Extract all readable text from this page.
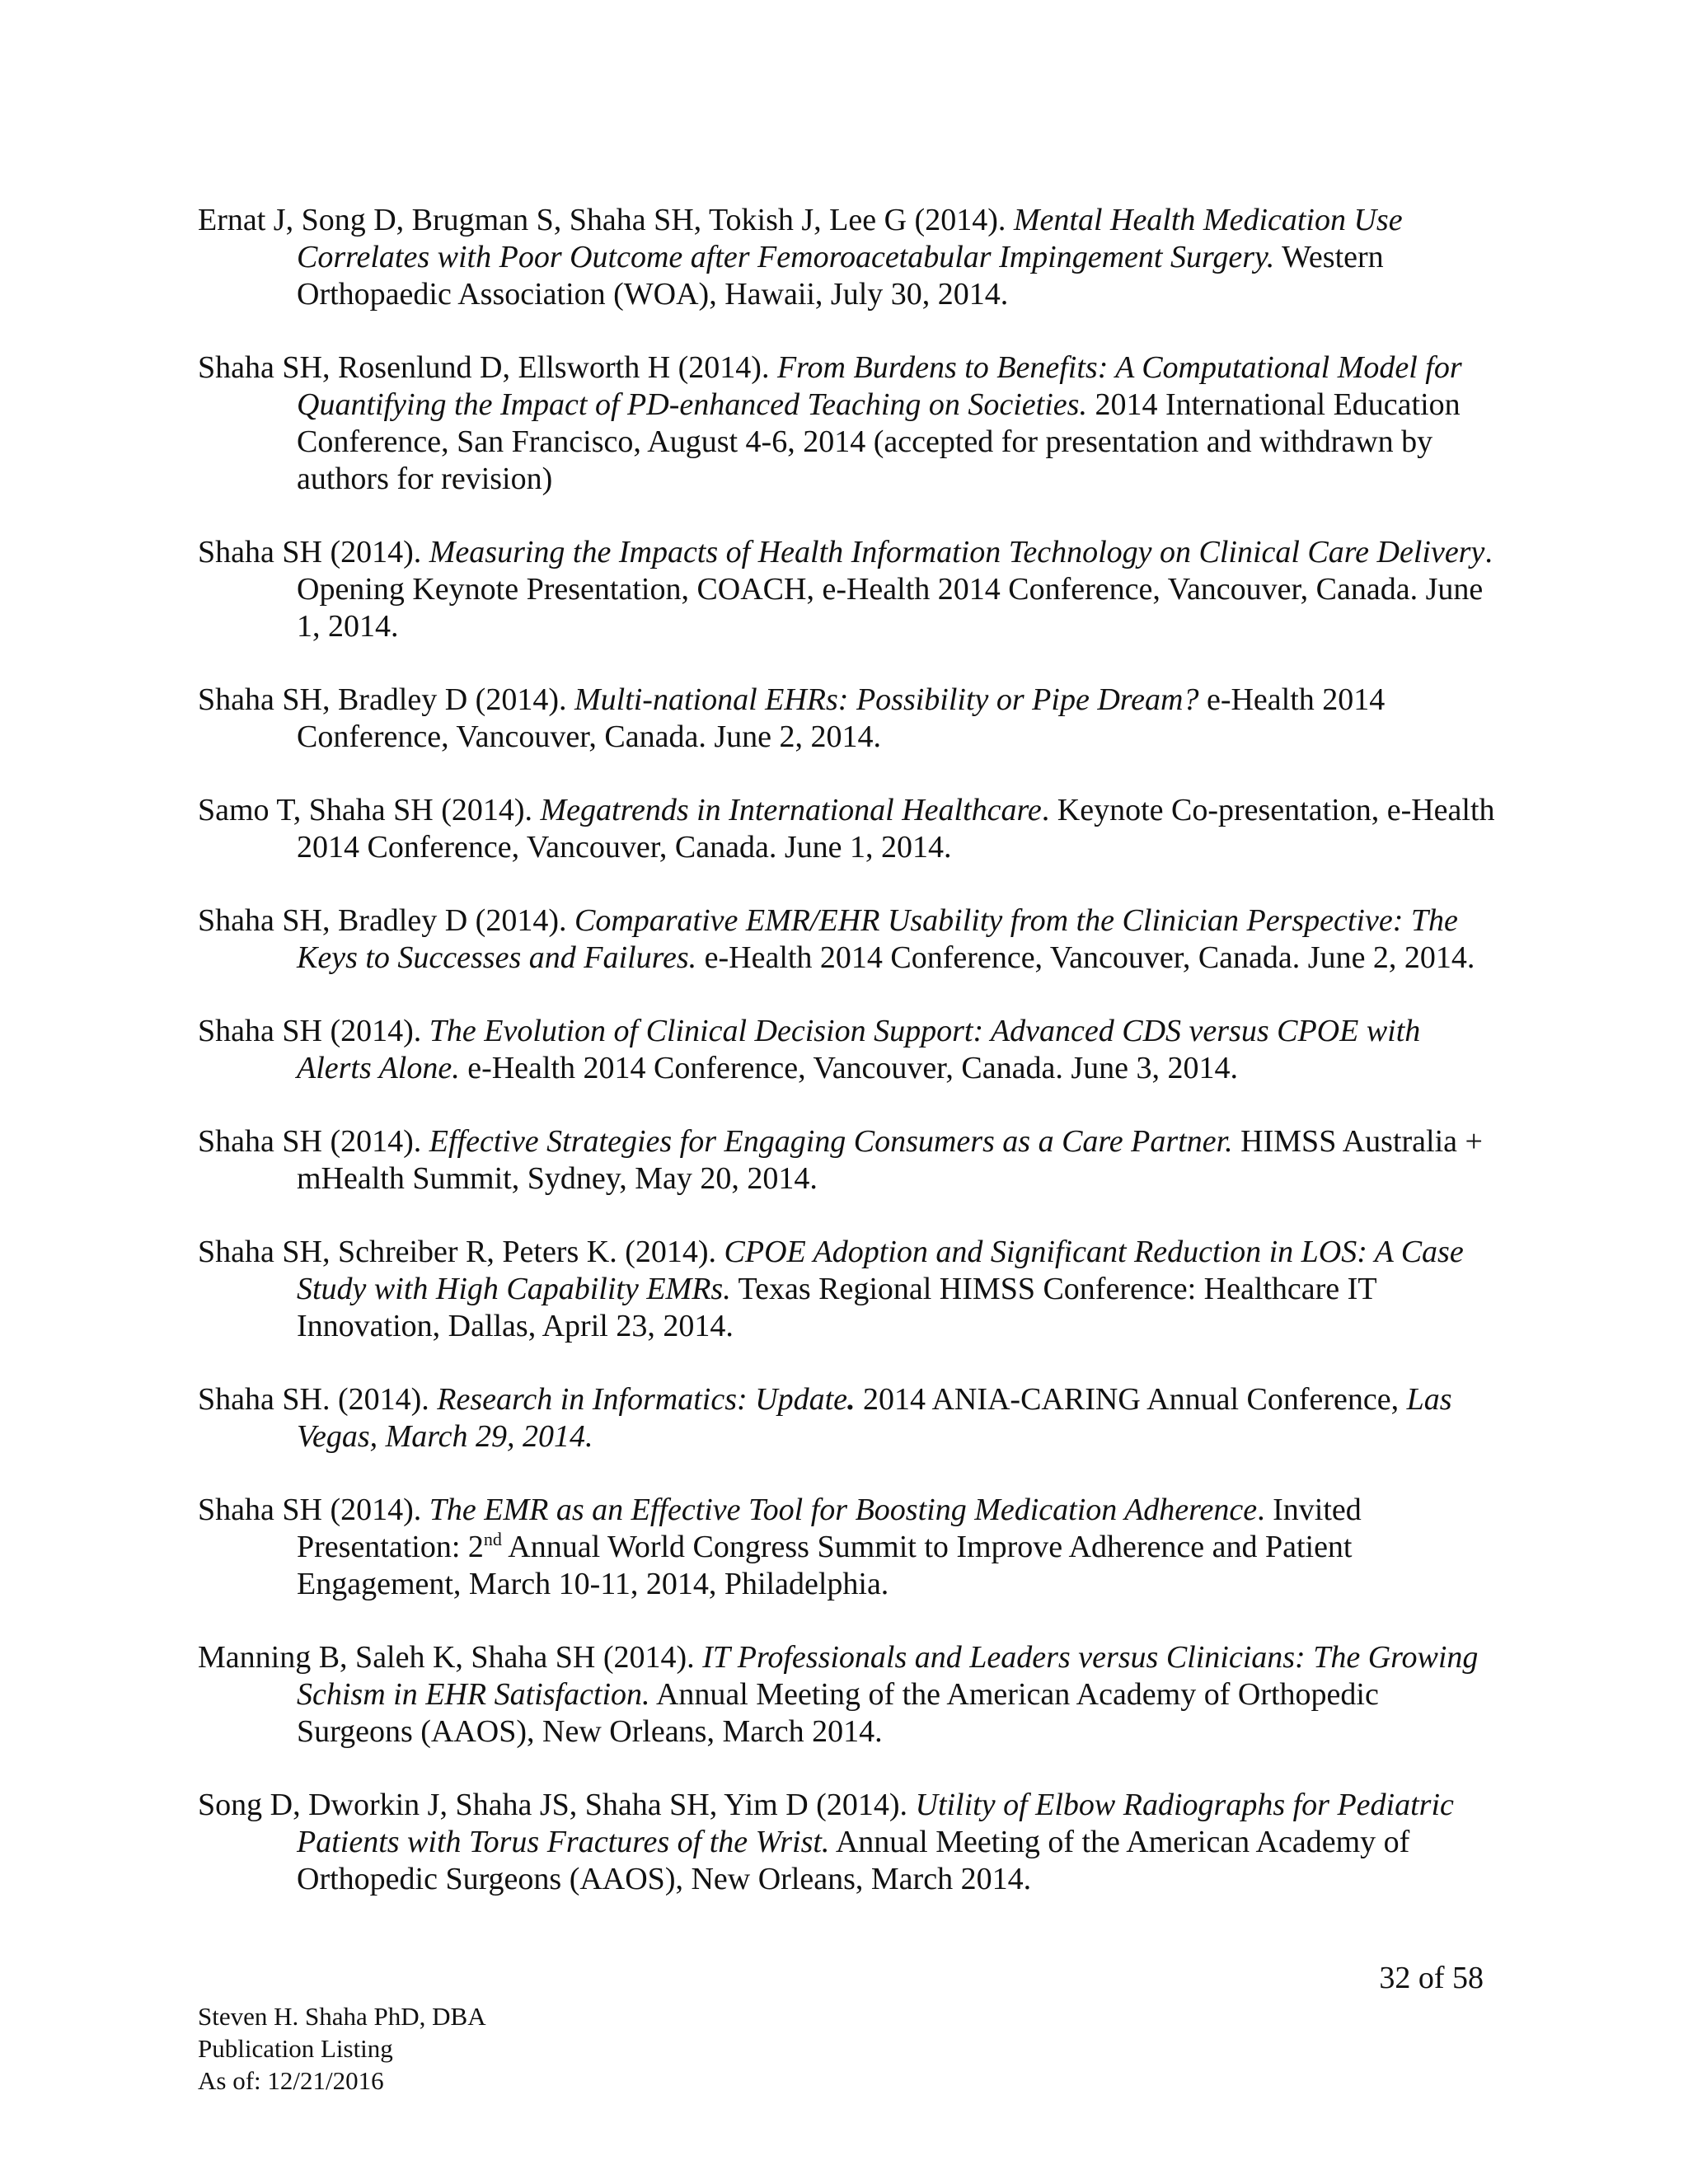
Ernat J, Song D, Brugman S, Shaha SH, Tokish J, Lee G (2014). Mental Health Medication Use Correlates with Poor Outcome after Femoroacetabular Impingement Surgery. Western Orthopaedic Association (WOA), Hawaii, July 30, 2014.

Shaha SH, Rosenlund D, Ellsworth H (2014). From Burdens to Benefits: A Computational Model for Quantifying the Impact of PD-enhanced Teaching on Societies. 2014 International Education Conference, San Francisco, August 4-6, 2014 (accepted for presentation and withdrawn by authors for revision)

Shaha SH (2014). Measuring the Impacts of Health Information Technology on Clinical Care Delivery. Opening Keynote Presentation, COACH, e-Health 2014 Conference, Vancouver, Canada. June 1, 2014.

Shaha SH, Bradley D (2014). Multi-national EHRs: Possibility or Pipe Dream? e-Health 2014 Conference, Vancouver, Canada. June 2, 2014.

Samo T, Shaha SH (2014). Megatrends in International Healthcare. Keynote Co-presentation, e-Health 2014 Conference, Vancouver, Canada. June 1, 2014.

Shaha SH, Bradley D (2014). Comparative EMR/EHR Usability from the Clinician Perspective: The Keys to Successes and Failures. e-Health 2014 Conference, Vancouver, Canada. June 2, 2014.

Shaha SH (2014). The Evolution of Clinical Decision Support: Advanced CDS versus CPOE with Alerts Alone. e-Health 2014 Conference, Vancouver, Canada. June 3, 2014.

Shaha SH (2014). Effective Strategies for Engaging Consumers as a Care Partner. HIMSS Australia + mHealth Summit, Sydney, May 20, 2014.

Shaha SH, Schreiber R, Peters K. (2014). CPOE Adoption and Significant Reduction in LOS: A Case Study with High Capability EMRs. Texas Regional HIMSS Conference: Healthcare IT Innovation, Dallas, April 23, 2014.

Shaha SH. (2014). Research in Informatics: Update. 2014 ANIA-CARING Annual Conference, Las Vegas, March 29, 2014.

Shaha SH (2014). The EMR as an Effective Tool for Boosting Medication Adherence. Invited Presentation: 2nd Annual World Congress Summit to Improve Adherence and Patient Engagement, March 10-11, 2014, Philadelphia.

Manning B, Saleh K, Shaha SH (2014). IT Professionals and Leaders versus Clinicians: The Growing Schism in EHR Satisfaction. Annual Meeting of the American Academy of Orthopedic Surgeons (AAOS), New Orleans, March 2014.

Song D, Dworkin J, Shaha JS, Shaha SH, Yim D (2014). Utility of Elbow Radiographs for Pediatric Patients with Torus Fractures of the Wrist. Annual Meeting of the American Academy of Orthopedic Surgeons (AAOS), New Orleans, March 2014.

32 of 58
Steven H. Shaha PhD, DBA
Publication Listing
As of: 12/21/2016
